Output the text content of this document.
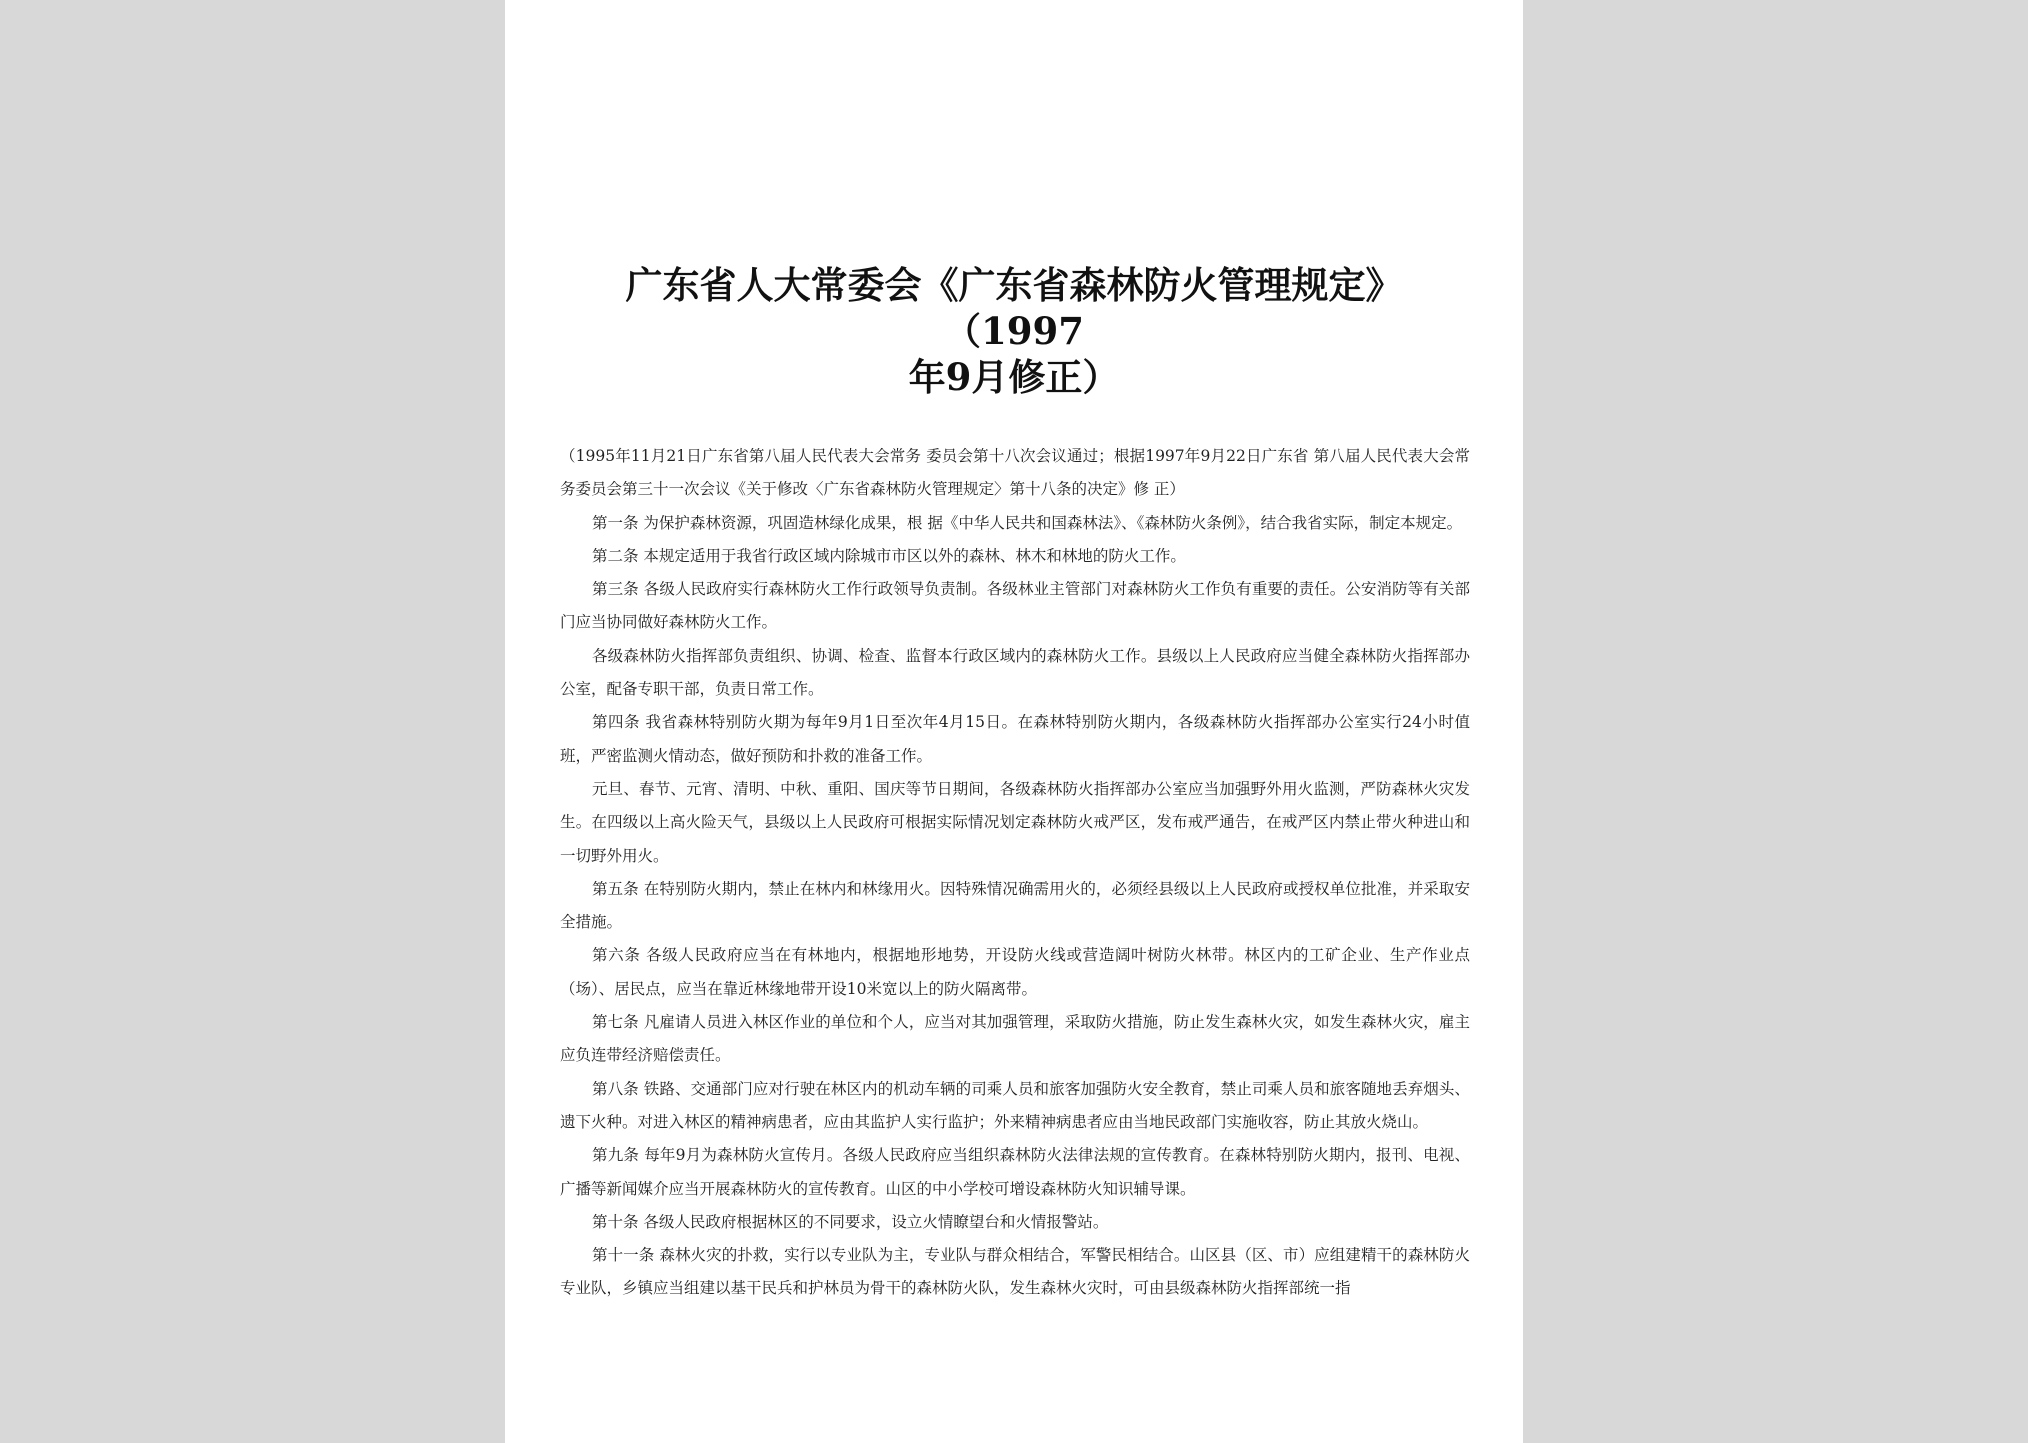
广东省人大常委会《广东省森林防火管理规定》（1997
年9月修正）

（1995年11月21日广东省第八届人民代表大会常务 委员会第十八次会议通过；根据1997年9月22日广东省 第八届人民代表大会常务委员会第三十一次会议《关于修改〈广东省森林防火管理规定〉第十八条的决定》修 正）

第一条 为保护森林资源，巩固造林绿化成果，根 据《中华人民共和国森林法》、《森林防火条例》，结合我省实际，制定本规定。

第二条 本规定适用于我省行政区域内除城市市区以外的森林、林木和林地的防火工作。

第三条 各级人民政府实行森林防火工作行政领导负责制。各级林业主管部门对森林防火工作负有重要的责任。公安消防等有关部门应当协同做好森林防火工作。

各级森林防火指挥部负责组织、协调、检查、监督本行政区域内的森林防火工作。县级以上人民政府应当健全森林防火指挥部办公室，配备专职干部，负责日常工作。

第四条 我省森林特别防火期为每年9月1日至次年4月15日。在森林特别防火期内，各级森林防火指挥部办公室实行24小时值班，严密监测火情动态，做好预防和扑救的准备工作。

元旦、春节、元宵、清明、中秋、重阳、国庆等节日期间，各级森林防火指挥部办公室应当加强野外用火监测，严防森林火灾发生。在四级以上高火险天气，县级以上人民政府可根据实际情况划定森林防火戒严区，发布戒严通告，在戒严区内禁止带火种进山和一切野外用火。

第五条 在特别防火期内，禁止在林内和林缘用火。因特殊情况确需用火的，必须经县级以上人民政府或授权单位批准，并采取安全措施。

第六条 各级人民政府应当在有林地内，根据地形地势，开设防火线或营造阔叶树防火林带。林区内的工矿企业、生产作业点（场）、居民点，应当在靠近林缘地带开设10米宽以上的防火隔离带。

第七条 凡雇请人员进入林区作业的单位和个人，应当对其加强管理，采取防火措施，防止发生森林火灾，如发生森林火灾，雇主应负连带经济赔偿责任。

第八条 铁路、交通部门应对行驶在林区内的机动车辆的司乘人员和旅客加强防火安全教育，禁止司乘人员和旅客随地丢弃烟头、遗下火种。对进入林区的精神病患者，应由其监护人实行监护；外来精神病患者应由当地民政部门实施收容，防止其放火烧山。

第九条 每年9月为森林防火宣传月。各级人民政府应当组织森林防火法律法规的宣传教育。在森林特别防火期内，报刊、电视、广播等新闻媒介应当开展森林防火的宣传教育。山区的中小学校可增设森林防火知识辅导课。

第十条 各级人民政府根据林区的不同要求，设立火情瞭望台和火情报警站。

第十一条 森林火灾的扑救，实行以专业队为主，专业队与群众相结合，军警民相结合。山区县（区、市）应组建精干的森林防火专业队，乡镇应当组建以基干民兵和护林员为骨干的森林防火队，发生森林火灾时，可由县级森林防火指挥部统一指
